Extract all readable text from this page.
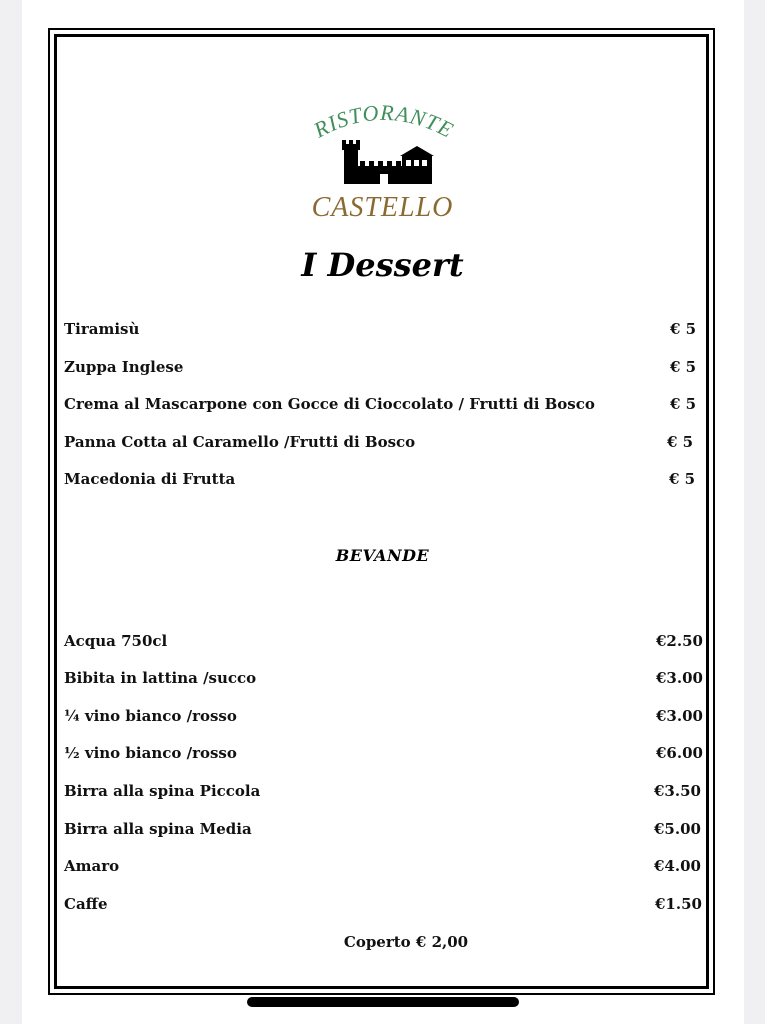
RISTORANTE
CASTELLO
I Dessert
Tiramisù	€ 5
Zuppa Inglese	€ 5
Crema al Mascarpone con Gocce di Cioccolato / Frutti di Bosco	€ 5
Panna Cotta al Caramello /Frutti di Bosco	€ 5
Macedonia di Frutta	€ 5
BEVANDE
Acqua 750cl	€2.50
Bibita in lattina /succo	€3.00
¼ vino bianco /rosso	€3.00
½ vino bianco /rosso	€6.00
Birra alla spina Piccola	€3.50
Birra alla spina Media	€5.00
Amaro	€4.00
Caffe	€1.50
Coperto € 2,00
